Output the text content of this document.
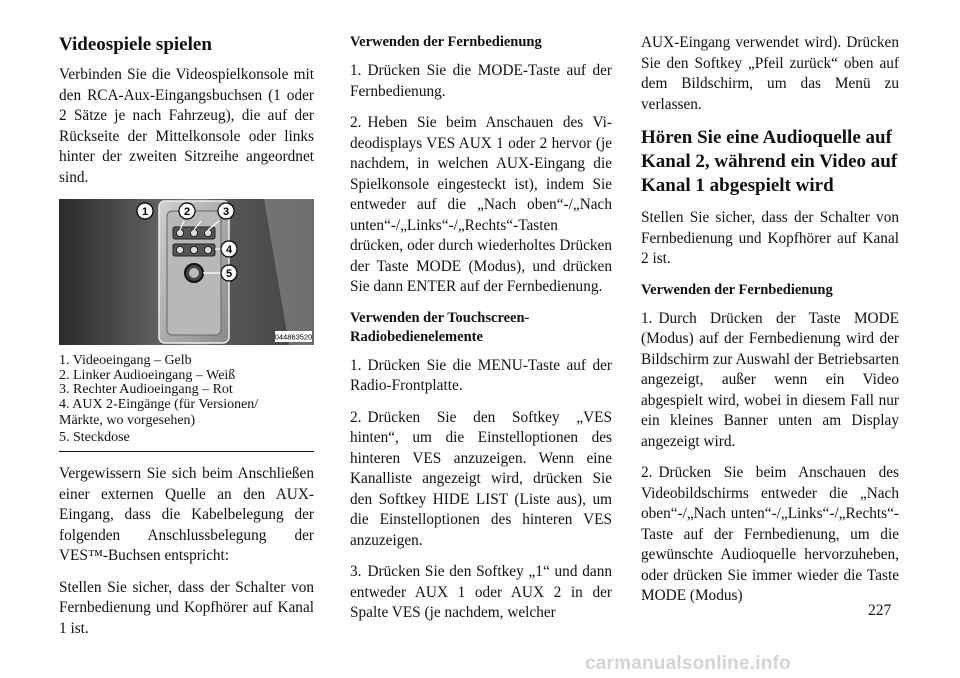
Videospiele spielen

Verbinden Sie die Videospielkonsole mit den RCA-Aux-Eingangsbuchsen (1 oder 2 Sätze je nach Fahrzeug), die auf der Rückseite der Mittelkonsole oder links hinter der zweiten Sitzreihe angeordnet sind.

1	2	3
4
5
044863520

1. Videoeingang – Gelb

2. Linker Audioeingang – Weiß

3. Rechter Audioeingang – Rot

4. AUX 2-Eingänge (für Versionen/

Märkte, wo vorgesehen)

5. Steckdose

Vergewissern Sie sich beim Anschließen einer externen Quelle an den AUX-Eingang, dass die Kabelbelegung der folgenden Anschlussbelegung der VES™-Buchsen entspricht:

Stellen Sie sicher, dass der Schalter von Fernbedienung und Kopfhörer auf Kanal 1 ist.

Verwenden der Fernbedienung

1. Drücken Sie die MODE-Taste auf der Fernbedienung.

2. Heben Sie beim Anschauen des Videodisplays VES AUX 1 oder 2 hervor (je nachdem, in welchen AUX-Eingang die Spielkonsole eingesteckt ist), indem Sie entweder auf die „Nach oben“-/„Nach unten“-/„Links“-/„Rechts“-Tasten drücken, oder durch wiederholtes Drücken der Taste MODE (Modus), und drücken Sie dann ENTER auf der Fernbedienung.

Verwenden der Touchscreen-Radiobedienelemente

1. Drücken Sie die MENU-Taste auf der Radio-Frontplatte.

2. Drücken Sie den Softkey „VES hinten“, um die Einstelloptionen des hinteren VES anzuzeigen. Wenn eine Kanalliste angezeigt wird, drücken Sie den Softkey HIDE LIST (Liste aus), um die Einstelloptionen des hinteren VES anzuzeigen.

3. Drücken Sie den Softkey „1“ und dann entweder AUX 1 oder AUX 2 in der Spalte VES (je nachdem, welcher

AUX-Eingang verwendet wird). Drücken Sie den Softkey „Pfeil zurück“ oben auf dem Bildschirm, um das Menü zu verlassen.

Hören Sie eine Audioquelle auf Kanal 2, während ein Video auf Kanal 1 abgespielt wird

Stellen Sie sicher, dass der Schalter von Fernbedienung und Kopfhörer auf Kanal 2 ist.

Verwenden der Fernbedienung

1. Durch Drücken der Taste MODE (Modus) auf der Fernbedienung wird der Bildschirm zur Auswahl der Betriebsarten angezeigt, außer wenn ein Video abgespielt wird, wobei in diesem Fall nur ein kleines Banner unten am Display angezeigt wird.

2. Drücken Sie beim Anschauen des Videobildschirms entweder die „Nach oben“-/„Nach unten“-/„Links“-/„Rechts“-Taste auf der Fernbedienung, um die gewünschte Audioquelle hervorzuheben, oder drücken Sie immer wieder die Taste MODE (Modus)

227
carmanualsonline.info
